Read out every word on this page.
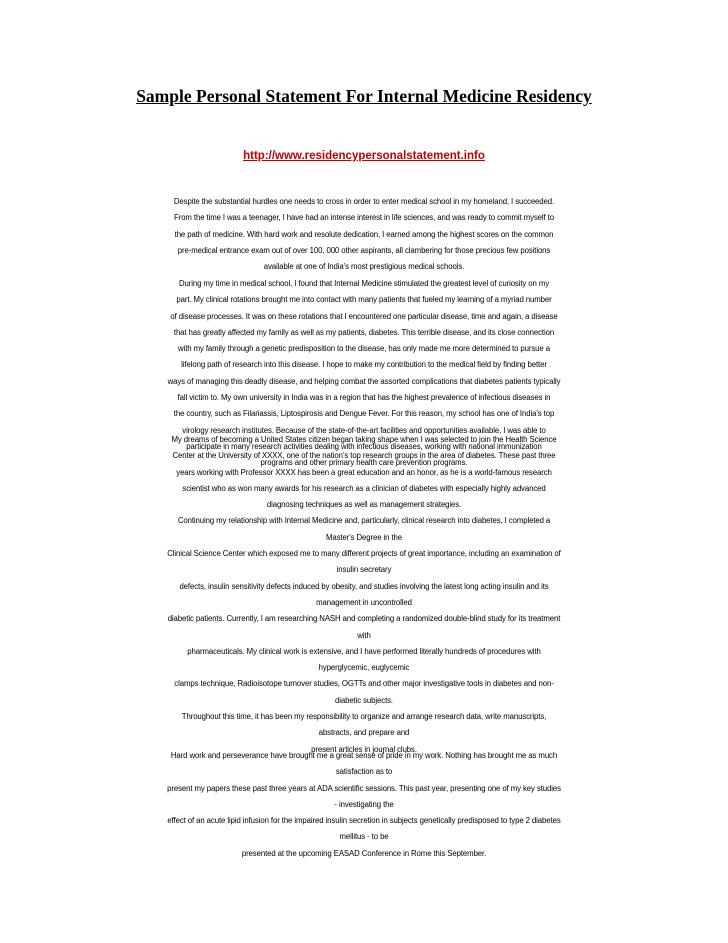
Sample Personal Statement For Internal Medicine Residency
http://www.residencypersonalstatement.info
Despite the substantial hurdles one needs to cross in order to enter medical school in my homeland, I succeeded.
From the time I was a teenager, I have had an intense interest in life sciences, and was ready to commit myself to
the path of medicine. With hard work and resolute dedication, I earned among the highest scores on the common
pre-medical entrance exam out of over 100, 000 other aspirants, all clambering for those precious few positions
available at one of India’s most prestigious medical schools.
During my time in medical school, I found that Internal Medicine stimulated the greatest level of curiosity on my
part. My clinical rotations brought me into contact with many patients that fueled my learning of a myriad number
of disease processes. It was on these rotations that I encountered one particular disease, time and again, a disease
that has greatly affected my family as well as my patients, diabetes. This terrible disease, and its close connection
with my family through a genetic predisposition to the disease, has only made me more determined to pursue a
lifelong path of research into this disease. I hope to make my contribution to the medical field by finding better
ways of managing this deadly disease, and helping combat the assorted complications that diabetes patients typically
fall victim to. My own university in India was in a region that has the highest prevalence of infectious diseases in
the country, such as Filariassis, Liptospirosis and Dengue Fever. For this reason, my school has one of India’s top
virology research institutes. Because of the state-of-the-art facilities and opportunities available, I was able to
participate in many research activities dealing with infectious diseases, working with national immunization
programs and other primary health care prevention programs.
My dreams of becoming a United States citizen began taking shape when I was selected to join the Health Science
Center at the University of XXXX, one of the nation’s top research groups in the area of diabetes. These past three
years working with Professor XXXX has been a great education and an honor, as he is a world-famous research
scientist who as won many awards for his research as a clinician of diabetes with especially highly advanced
diagnosing techniques as well as management strategies.
Continuing my relationship with Internal Medicine and, particularly, clinical research into diabetes, I completed a
Master's Degree in the
Clinical Science Center which exposed me to many different projects of great importance, including an examination of
insulin secretary
defects, insulin sensitivity defects induced by obesity, and studies involving the latest long acting insulin and its
management in uncontrolled
diabetic patients. Currently, I am researching NASH and completing a randomized double-blind study for its treatment
with
pharmaceuticals. My clinical work is extensive, and I have performed literally hundreds of procedures with
hyperglycemic, euglycemic
clamps technique, Radioisotope turnover studies, OGTTs and other major investigative tools in diabetes and non-
diabetic subjects.
Throughout this time, it has been my responsibility to organize and arrange research data, write manuscripts,
abstracts, and prepare and
present articles in journal clubs.
Hard work and perseverance have brought me a great sense of pride in my work. Nothing has brought me as much
satisfaction as to
present my papers these past three years at ADA scientific sessions. This past year, presenting one of my key studies
- investigating the
effect of an acute lipid infusion for the impaired insulin secretion in subjects genetically predisposed to type 2 diabetes
mellitus - to be
presented at the upcoming EASAD Conference in Rome this September.
